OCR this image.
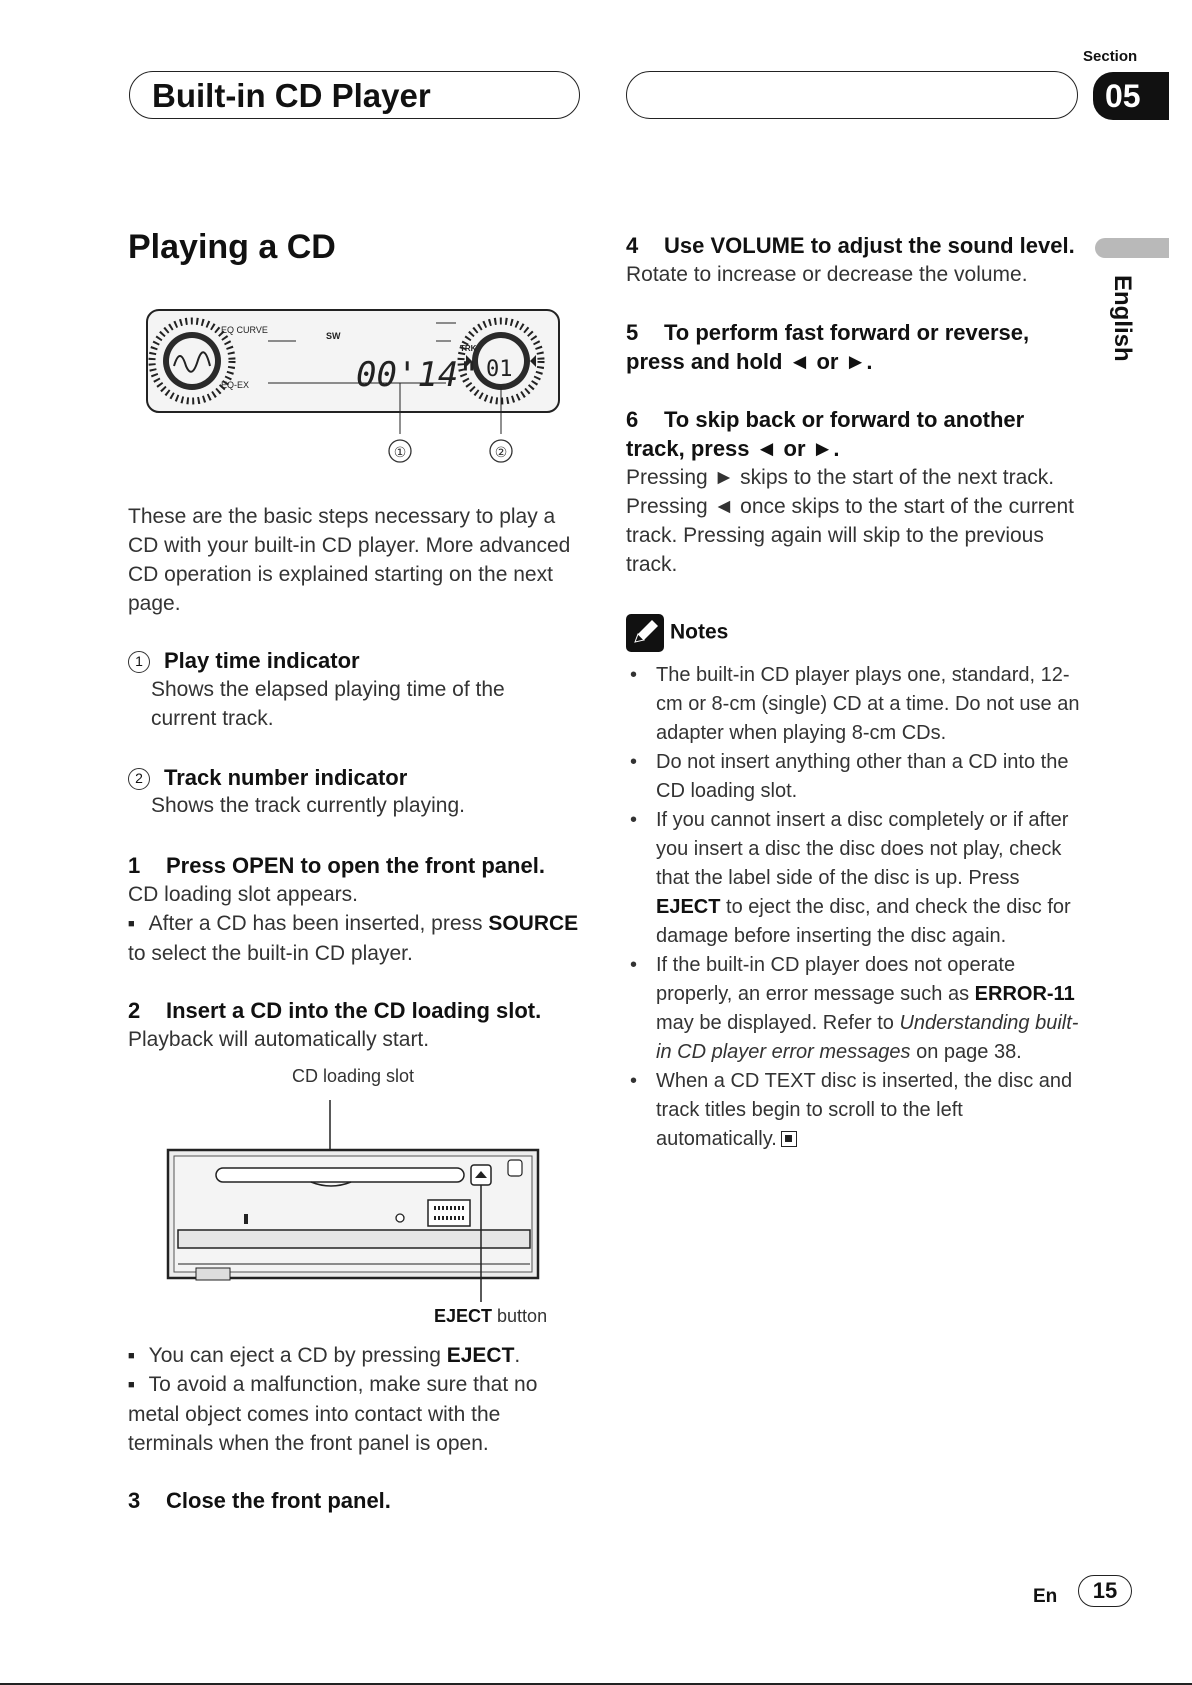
Built-in CD Player
Section
05
English
Playing a CD
EQ CURVE
EQ-EX
SW
TRK
00'14" 01
①	②
These are the basic steps necessary to play a CD with your built-in CD player. More advanced CD operation is explained starting on the next page.
1 Play time indicator
Shows the elapsed playing time of the current track.
2 Track number indicator
Shows the track currently playing.
1 Press OPEN to open the front panel.
CD loading slot appears.
■ After a CD has been inserted, press SOURCE to select the built-in CD player.
2 Insert a CD into the CD loading slot.
Playback will automatically start.
CD loading slot
EJECT button
■ You can eject a CD by pressing EJECT.
■ To avoid a malfunction, make sure that no metal object comes into contact with the terminals when the front panel is open.
3 Close the front panel.
4 Use VOLUME to adjust the sound level.
Rotate to increase or decrease the volume.
5 To perform fast forward or reverse, press and hold ◄ or ►.
6 To skip back or forward to another track, press ◄ or ►.
Pressing ► skips to the start of the next track. Pressing ◄ once skips to the start of the current track. Pressing again will skip to the previous track.
Notes
• The built-in CD player plays one, standard, 12-cm or 8-cm (single) CD at a time. Do not use an adapter when playing 8-cm CDs.
• Do not insert anything other than a CD into the CD loading slot.
• If you cannot insert a disc completely or if after you insert a disc the disc does not play, check that the label side of the disc is up. Press EJECT to eject the disc, and check the disc for damage before inserting the disc again.
• If the built-in CD player does not operate properly, an error message such as ERROR-11 may be displayed. Refer to Understanding built-in CD player error messages on page 38.
• When a CD TEXT disc is inserted, the disc and track titles begin to scroll to the left automatically.
En	15
